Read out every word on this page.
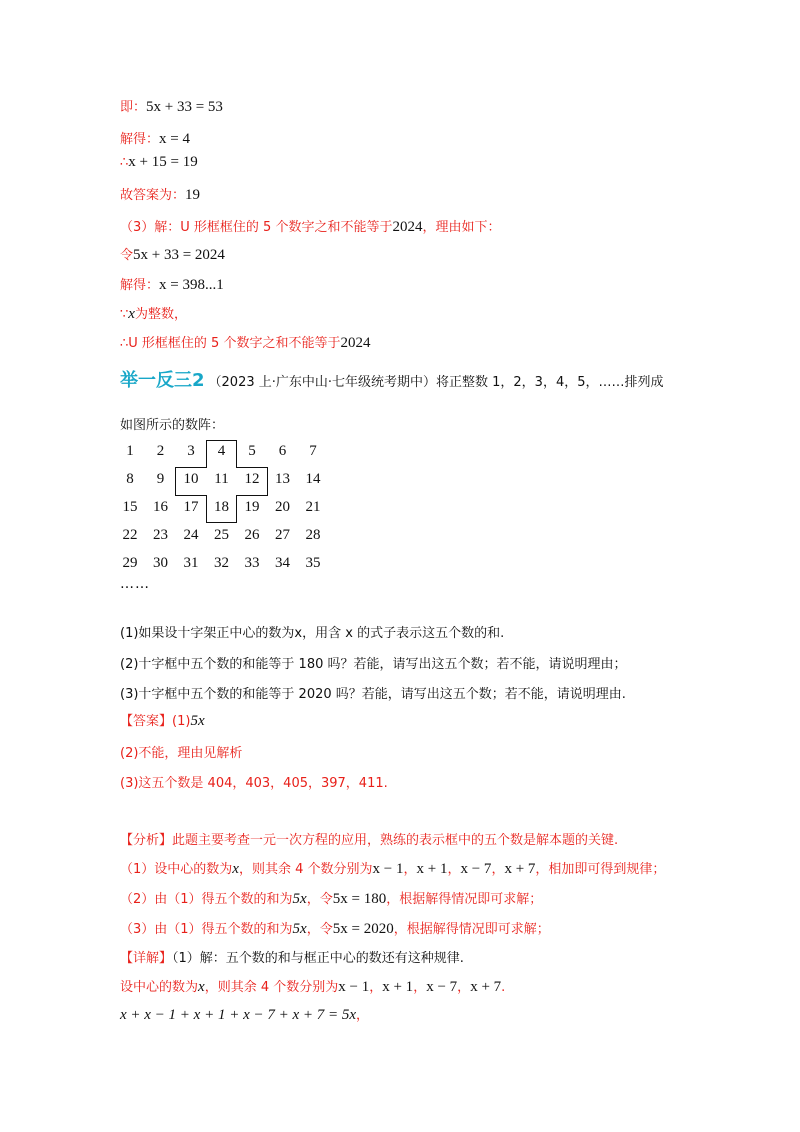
即：5x + 33 = 53
解得：x = 4
∴x + 15 = 19
故答案为：19
（3）解：U 形框框住的 5 个数字之和不能等于2024，理由如下：
令5x + 33 = 2024
解得：x = 398...1
∵x为整数，
∴U 形框框住的 5 个数字之和不能等于2024
举一反三2 （2023 上·广东中山·七年级统考期中）将正整数 1，2，3，4，5，……排列成
如图所示的数阵：
1	2	3	4	5	6	7
8	9	10	11	12	13	14
15	16	17	18	19	20	21
22	23	24	25	26	27	28
29	30	31	32	33	34	35
……
(1)如果设十字架正中心的数为x，用含 x 的式子表示这五个数的和.
(2)十字框中五个数的和能等于 180 吗？若能，请写出这五个数；若不能，请说明理由；
(3)十字框中五个数的和能等于 2020 吗？若能，请写出这五个数；若不能，请说明理由.
【答案】(1)5x
(2)不能，理由见解析
(3)这五个数是 404，403，405，397，411.
【分析】此题主要考查一元一次方程的应用，熟练的表示框中的五个数是解本题的关键.
（1）设中心的数为x，则其余 4 个数分别为x − 1，x + 1，x − 7，x + 7，相加即可得到规律；
（2）由（1）得五个数的和为5x，令5x = 180，根据解得情况即可求解；
（3）由（1）得五个数的和为5x，令5x = 2020，根据解得情况即可求解；
【详解】（1）解：五个数的和与框正中心的数还有这种规律.
设中心的数为x，则其余 4 个数分别为x − 1，x + 1，x − 7，x + 7.
x + x − 1 + x + 1 + x − 7 + x + 7 = 5x，
